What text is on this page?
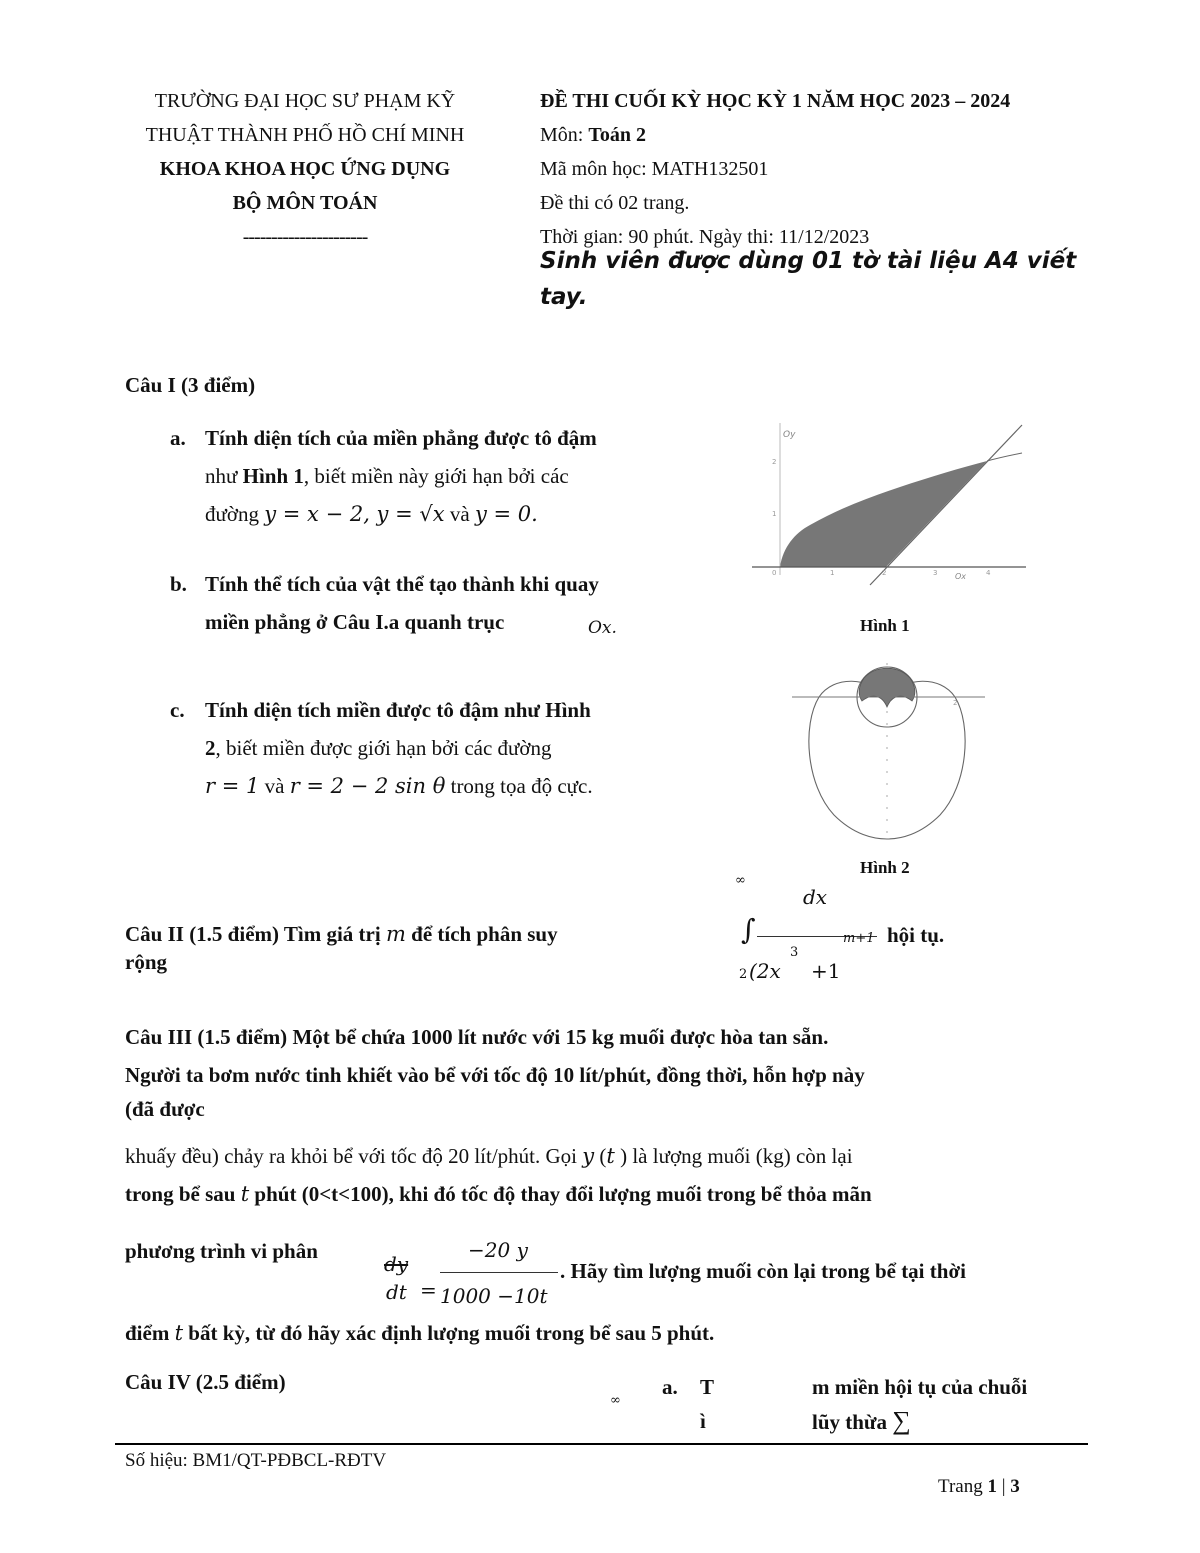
TRƯỜNG ĐẠI HỌC SƯ PHẠM KỸ
THUẬT THÀNH PHỐ HỒ CHÍ MINH
KHOA KHOA HỌC ỨNG DỤNG
BỘ MÔN TOÁN
----------------------
ĐỀ THI CUỐI KỲ HỌC KỲ 1 NĂM HỌC 2023 – 2024
Môn: Toán 2
Mã môn học: MATH132501
Đề thi có 02 trang.
Thời gian: 90 phút. Ngày thi: 11/12/2023
Sinh viên được dùng 01 tờ tài liệu A4 viết
tay.
Câu I (3 điểm)
a. Tính diện tích của miền phẳng được tô đậm
như Hình 1, biết miền này giới hạn bởi các
đường y = x − 2, y = √x và y = 0.
b. Tính thể tích của vật thể tạo thành khi quay
miền phẳng ở Câu I.a quanh trục	Ox.
c. Tính diện tích miền được tô đậm như Hình
2, biết miền được giới hạn bởi các đường
r = 1 và r = 2 − 2 sin θ trong tọa độ cực.
Oy
Ox
2
1
0	1	2	3	4
Hình 1
2
Hình 2
Câu II (1.5 điểm) Tìm giá trị m để tích phân suy
rộng
∞
dx
∫	m+1
3
2 (2x +1
hội tụ.
Câu III (1.5 điểm) Một bể chứa 1000 lít nước với 15 kg muối được hòa tan sẵn.
Người ta bơm nước tinh khiết vào bể với tốc độ 10 lít/phút, đồng thời, hỗn hợp này
(đã được
khuấy đều) chảy ra khỏi bể với tốc độ 20 lít/phút. Gọi y (t ) là lượng muối (kg) còn lại
trong bể sau t phút (0<t<100), khi đó tốc độ thay đổi lượng muối trong bể thỏa mãn
phương trình vi phân
dy
dt =
−20 y
1000 −10t
. Hãy tìm lượng muối còn lại trong bể tại thời
điểm t bất kỳ, từ đó hãy xác định lượng muối trong bể sau 5 phút.
Câu IV (2.5 điểm)
∞
a. T
ì
m miền hội tụ của chuỗi
lũy thừa ∑
Số hiệu: BM1/QT-PĐBCL-RĐTV
Trang 1 | 3
